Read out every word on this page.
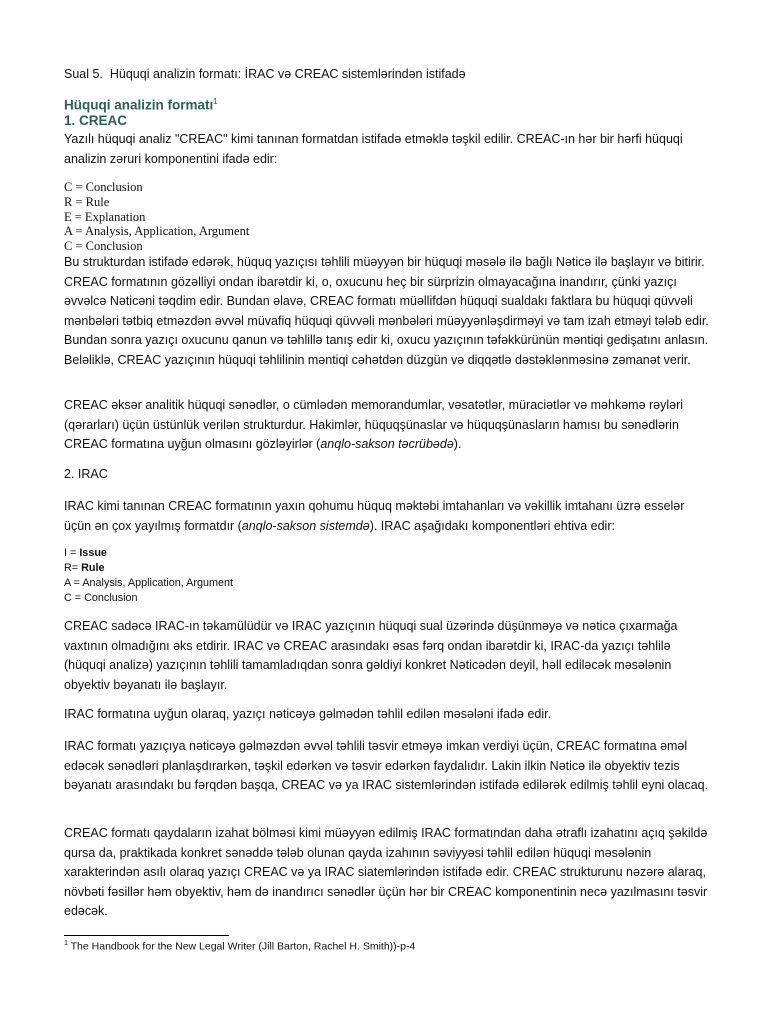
Sual 5. Hüquqi analizin formatı: İRAC və CREAC sistemlərindən istifadə
Hüquqi analizin formatı$^1$
1. CREAC

Yazılı hüquqi analiz "CREAC" kimi tanınan formatdan istifadə etməklə təşkil edilir. CREAC-ın hər bir hərfi hüquqi analizin zəruri komponentini ifadə edir:

C = Conclusion
R = Rule
E = Explanation
A = Analysis, Application, Argument
C = Conclusion

Bu strukturdan istifadə edərək, hüquq yazıçısı təhlili müəyyən bir hüquqi məsələ ilə bağlı Nəticə ilə başlayır və bitirir. CREAC formatının gözəlliyi ondan ibarətdir ki, o, oxucunu heç bir sürprizin olmayacağına inandırır, çünki yazıçı əvvəlcə Nəticəni təqdim edir. Bundan əlavə, CREAC formatı müəllifdən hüquqi sualdakı faktlara bu hüquqi qüvvəli mənbələri tətbiq etməzdən əvvəl müvafiq hüquqi qüvvəli mənbələri müəyyənləşdirməyi və tam izah etməyi tələb edir. Bundan sonra yazıçı oxucunu qanun və təhlillə tanış edir ki, oxucu yazıçının təfəkkürünün məntiqi gedişatını anlasın. Beləliklə, CREAC yazıçının hüquqi təhlilinin məntiqi cəhətdən düzgün və diqqətlə dəstəklənməsinə zəmanət verir.

CREAC əksər analitik hüquqi sənədlər, o cümlədən memorandumlar, vəsatətlər, müraciətlər və məhkəmə rəyləri (qərarları) üçün üstünlük verilən strukturdur. Hakimlər, hüquqşünaslar və hüquqşünasların hamısı bu sənədlərin CREAC formatına uyğun olmasını gözləyirlər (anqlo-sakson təcrübədə).

2. IRAC

IRAC kimi tanınan CREAC formatının yaxın qohumu hüquq məktəbi imtahanları və vəkillik imtahanı üzrə esselər üçün ən çox yayılmış formatdır (anqlo-sakson sistemdə). IRAC aşağıdakı komponentləri ehtiva edir:

I = Issue
R= Rule
A = Analysis, Application, Argument
C = Conclusion

CREAC sadəcə IRAC-ın təkamülüdür və IRAC yazıçının hüquqi sual üzərində düşünməyə və nəticə çıxarmağa vaxtının olmadığını əks etdirir. IRAC və CREAC arasındakı əsas fərq ondan ibarətdir ki, IRAC-da yazıçı təhlilə (hüquqi analizə) yazıçının təhlili tamamladıqdan sonra gəldiyi konkret Nəticədən deyil, həll ediləcək məsələnin obyektiv bəyanatı ilə başlayır.

IRAC formatına uyğun olaraq, yazıçı nəticəyə gəlmədən təhlil edilən məsələni ifadə edir.

IRAC formatı yazıçıya nəticəyə gəlməzdən əvvəl təhlili təsvir etməyə imkan verdiyi üçün, CREAC formatına əməl edəcək sənədləri planlaşdırarkən, təşkil edərkən və təsvir edərkən faydalıdır. Lakin ilkin Nəticə ilə obyektiv tezis bəyanatı arasındakı bu fərqdən başqa, CREAC və ya IRAC sistemlərindən istifadə edilərək edilmiş təhlil eyni olacaq.

CREAC formatı qaydaların izahat bölməsi kimi müəyyən edilmiş IRAC formatından daha ətraflı izahatını açıq şəkildə qursa da, praktikada konkret sənəddə tələb olunan qayda izahının səviyyəsi təhlil edilən hüquqi məsələnin xarakterindən asılı olaraq yazıçı CREAC və ya IRAC siatemlərindən istifadə edir. CREAC strukturunu nəzərə alaraq, növbəti fəsillər həm obyektiv, həm də inandırıcı sənədlər üçün hər bir CREAC komponentinin necə yazılmasını təsvir edəcək.

$^1$ The Handbook for the New Legal Writer (Jill Barton, Rachel H. Smith))-p-4
